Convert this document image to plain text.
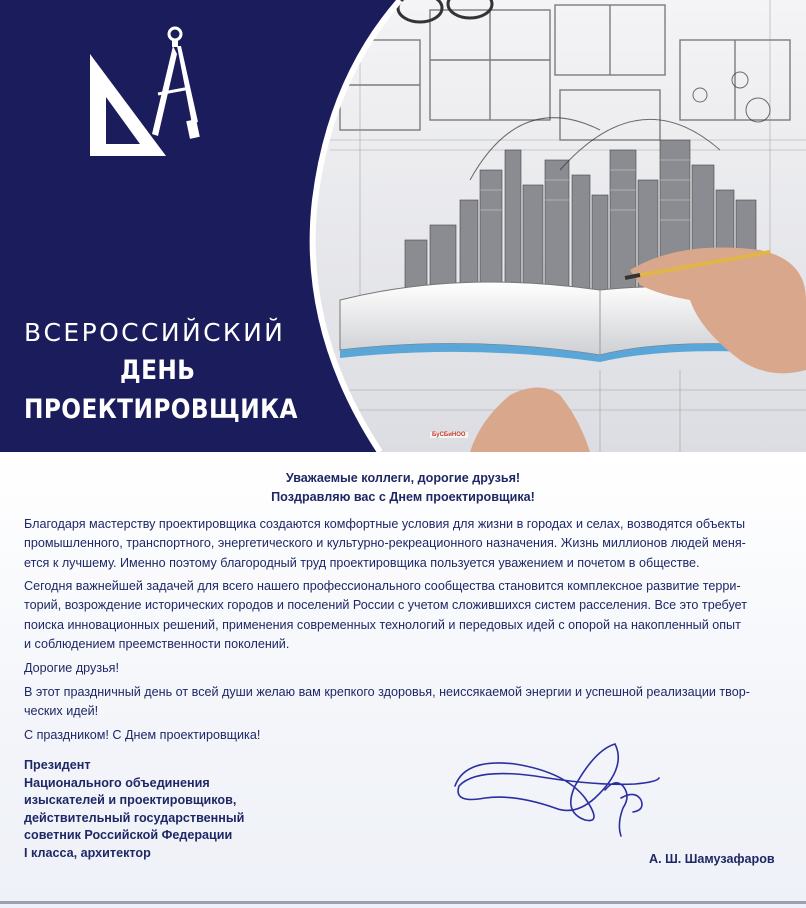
ВСЕРОССИЙСКИЙ
ДЕНЬ
ПРОЕКТИРОВЩИКА
БуСБиНОО
Уважаемые коллеги, дорогие друзья!
Поздравляю вас с Днем проектировщика!
Благодаря мастерству проектировщика создаются комфортные условия для жизни в городах и селах, возводятся объекты
промышленного, транспортного, энергетического и культурно-рекреационного назначения. Жизнь миллионов людей меня-
ется к лучшему. Именно поэтому благородный труд проектировщика пользуется уважением и почетом в обществе.
Сегодня важнейшей задачей для всего нашего профессионального сообщества становится комплексное развитие терри-
торий, возрождение исторических городов и поселений России с учетом сложившихся систем расселения. Все это требует
поиска инновационных решений, применения современных технологий и передовых идей с опорой на накопленный опыт
и соблюдением преемственности поколений.
Дорогие друзья!
В этот праздничный день от всей души желаю вам крепкого здоровья, неиссякаемой энергии и успешной реализации твор-
ческих идей!
С праздником! С Днем проектировщика!
Президент
Национального объединения
изыскателей и проектировщиков,
действительный государственный
советник Российской Федерации
I класса, архитектор	А. Ш. Шамузафаров
